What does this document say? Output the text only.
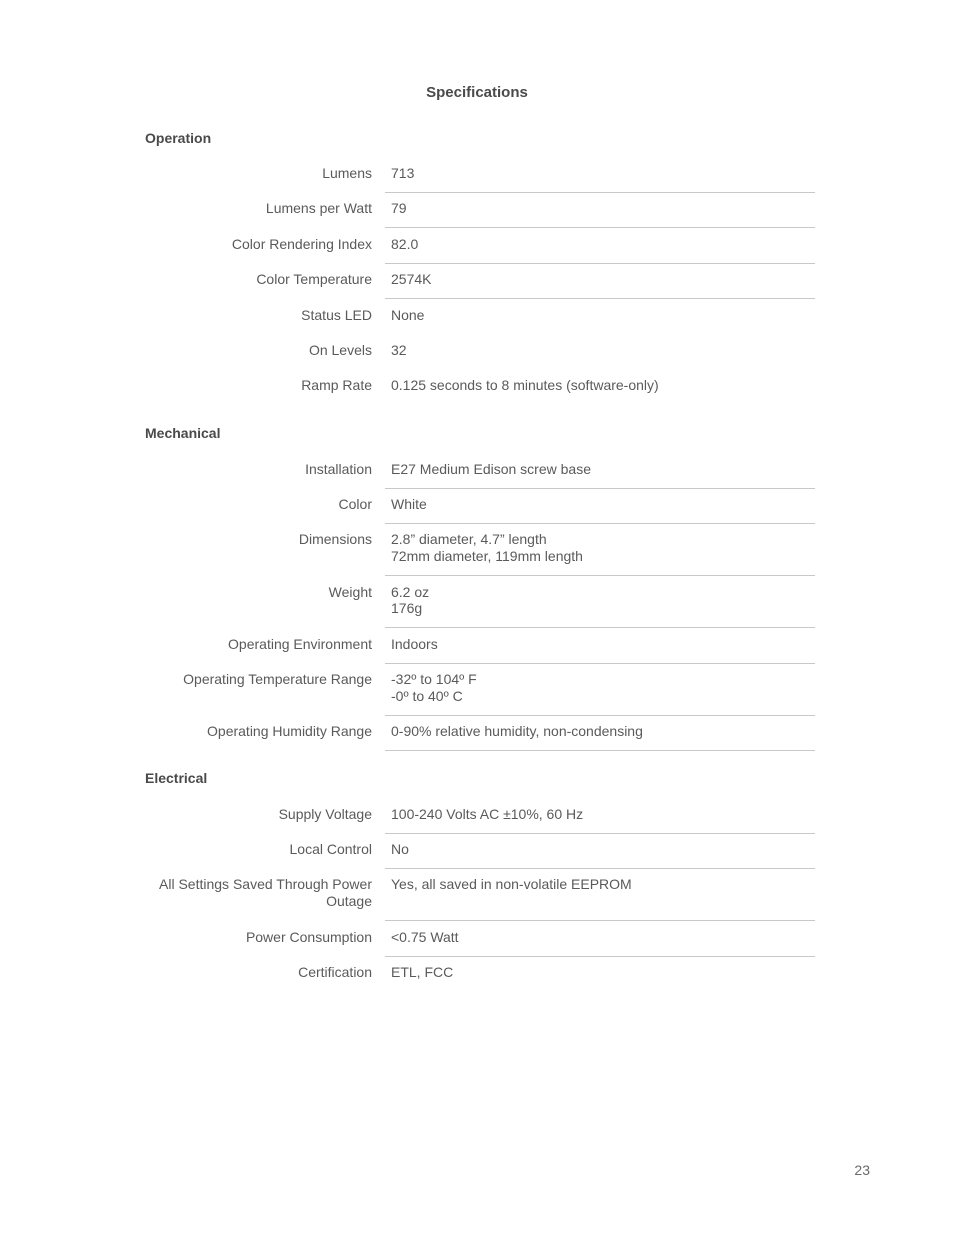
Specifications
Operation
Lumens 713
Lumens per Watt 79
Color Rendering Index 82.0
Color Temperature 2574K
Status LED None
On Levels 32
Ramp Rate 0.125 seconds to 8 minutes (software-only)
Mechanical
Installation E27 Medium Edison screw base
Color White
Dimensions 2.8” diameter, 4.7” length
72mm diameter, 119mm length
Weight 6.2 oz
176g
Operating Environment Indoors
Operating Temperature Range -32º to 104º F
-0º to 40º C
Operating Humidity Range 0-90% relative humidity, non-condensing
Electrical
Supply Voltage 100-240 Volts AC ±10%, 60 Hz
Local Control No
All Settings Saved Through Power Outage
Yes, all saved in non-volatile EEPROM
Power Consumption <0.75 Watt
Certification ETL, FCC
23
